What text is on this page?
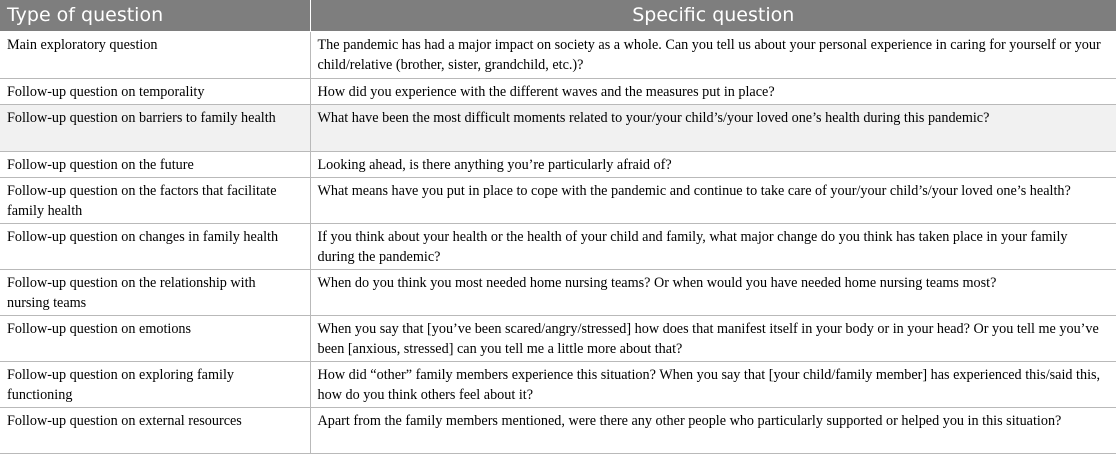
Type of question	Specific question
Main exploratory question	The pandemic has had a major impact on society as a whole. Can you tell us about your personal experience in caring for yourself or your child/relative (brother, sister, grandchild, etc.)?
Follow-up question on temporality	How did you experience with the different waves and the measures put in place?
Follow-up question on barriers to family health	What have been the most difficult moments related to your/your child’s/your loved one’s health during this pandemic?
Follow-up question on the future	Looking ahead, is there anything you’re particularly afraid of?
Follow-up question on the factors that facilitate family health	What means have you put in place to cope with the pandemic and continue to take care of your/your child’s/your loved one’s health?
Follow-up question on changes in family health	If you think about your health or the health of your child and family, what major change do you think has taken place in your family during the pandemic?
Follow-up question on the relationship with nursing teams	When do you think you most needed home nursing teams? Or when would you have needed home nursing teams most?
Follow-up question on emotions	When you say that [you’ve been scared/angry/stressed] how does that manifest itself in your body or in your head? Or you tell me you’ve been [anxious, stressed] can you tell me a little more about that?
Follow-up question on exploring family functioning	How did “other” family members experience this situation? When you say that [your child/family member] has experienced this/said this, how do you think others feel about it?
Follow-up question on external resources	Apart from the family members mentioned, were there any other people who particularly supported or helped you in this situation?
